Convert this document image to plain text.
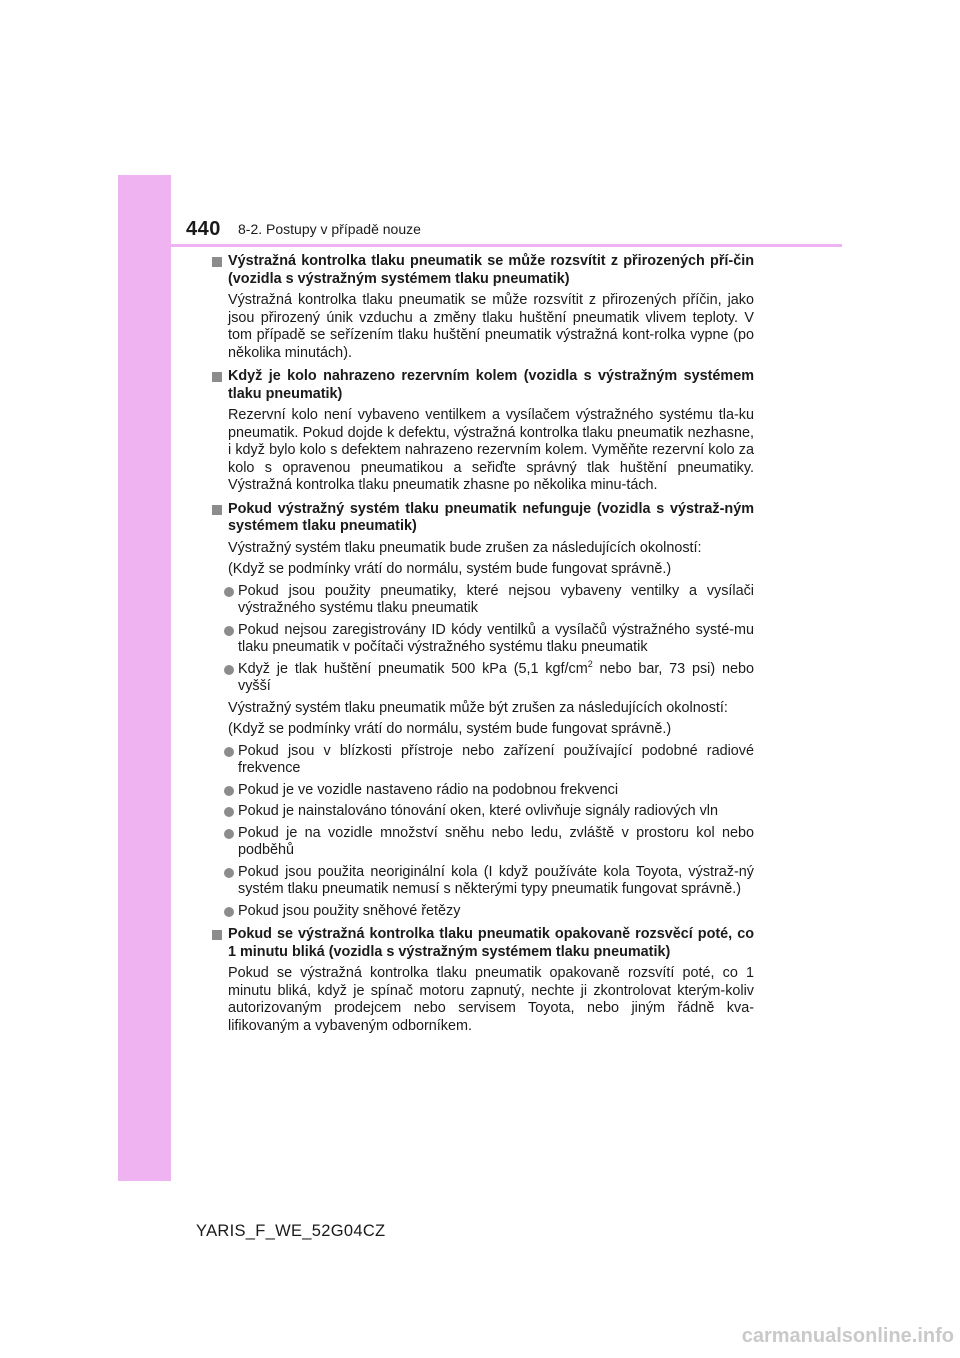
440 8-2. Postupy v případě nouze
Výstražná kontrolka tlaku pneumatik se může rozsvítit z přirozených pří-čin (vozidla s výstražným systémem tlaku pneumatik)
Výstražná kontrolka tlaku pneumatik se může rozsvítit z přirozených příčin, jako jsou přirozený únik vzduchu a změny tlaku huštění pneumatik vlivem teploty. V tom případě se seřízením tlaku huštění pneumatik výstražná kont-rolka vypne (po několika minutách).
Když je kolo nahrazeno rezervním kolem (vozidla s výstražným systémem tlaku pneumatik)
Rezervní kolo není vybaveno ventilkem a vysílačem výstražného systému tla-ku pneumatik. Pokud dojde k defektu, výstražná kontrolka tlaku pneumatik nezhasne, i když bylo kolo s defektem nahrazeno rezervním kolem. Vyměňte rezervní kolo za kolo s opravenou pneumatikou a seřiďte správný tlak huštění pneumatiky. Výstražná kontrolka tlaku pneumatik zhasne po několika minu-tách.
Pokud výstražný systém tlaku pneumatik nefunguje (vozidla s výstraž-ným systémem tlaku pneumatik)
Výstražný systém tlaku pneumatik bude zrušen za následujících okolností:
(Když se podmínky vrátí do normálu, systém bude fungovat správně.)
Pokud jsou použity pneumatiky, které nejsou vybaveny ventilky a vysílači výstražného systému tlaku pneumatik
Pokud nejsou zaregistrovány ID kódy ventilků a vysílačů výstražného systé-mu tlaku pneumatik v počítači výstražného systému tlaku pneumatik
Když je tlak huštění pneumatik 500 kPa (5,1 kgf/$cm^2$ nebo bar, 73 psi) nebo vyšší
Výstražný systém tlaku pneumatik může být zrušen za následujících okolností:
(Když se podmínky vrátí do normálu, systém bude fungovat správně.)
Pokud jsou v blízkosti přístroje nebo zařízení používající podobné radiové frekvence
Pokud je ve vozidle nastaveno rádio na podobnou frekvenci
Pokud je nainstalováno tónování oken, které ovlivňuje signály radiových vln
Pokud je na vozidle množství sněhu nebo ledu, zvláště v prostoru kol nebo podběhů
Pokud jsou použita neoriginální kola (I když používáte kola Toyota, výstraž-ný systém tlaku pneumatik nemusí s některými typy pneumatik fungovat správně.)
Pokud jsou použity sněhové řetězy
Pokud se výstražná kontrolka tlaku pneumatik opakovaně rozsvěcí poté, co 1 minutu bliká (vozidla s výstražným systémem tlaku pneumatik)
Pokud se výstražná kontrolka tlaku pneumatik opakovaně rozsvítí poté, co 1 minutu bliká, když je spínač motoru zapnutý, nechte ji zkontrolovat kterým-koliv autorizovaným prodejcem nebo servisem Toyota, nebo jiným řádně kva-lifikovaným a vybaveným odborníkem.
YARIS_F_WE_52G04CZ
carmanualsonline.info
